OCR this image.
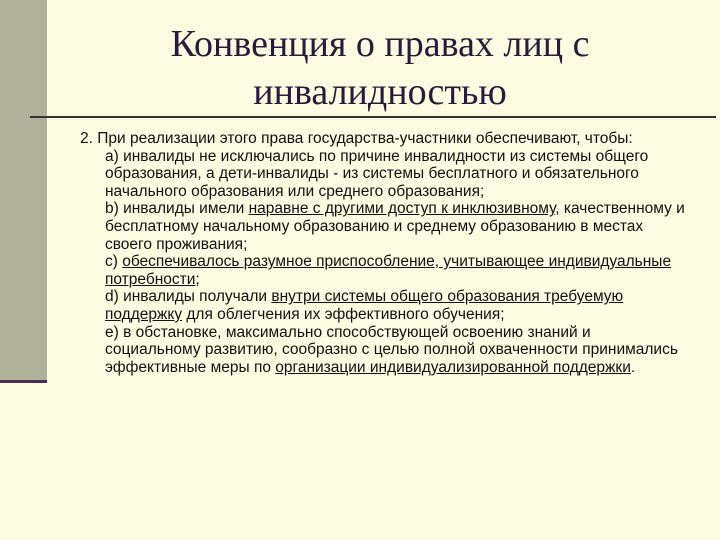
Конвенция о правах лиц с
инвалидностью

2. При реализации этого права государства-участники обеспечивают, чтобы:

a) инвалиды не исключались по причине инвалидности из системы общего образования, а дети-инвалиды - из системы бесплатного и обязательного начального образования или среднего образования;

b) инвалиды имели наравне с другими доступ к инклюзивному, качественному и бесплатному начальному образованию и среднему образованию в местах своего проживания;

c) обеспечивалось разумное приспособление, учитывающее индивидуальные потребности;

d) инвалиды получали внутри системы общего образования требуемую поддержку для облегчения их эффективного обучения;

e) в обстановке, максимально способствующей освоению знаний и социальному развитию, сообразно с целью полной охваченности принимались эффективные меры по организации индивидуализированной поддержки.
